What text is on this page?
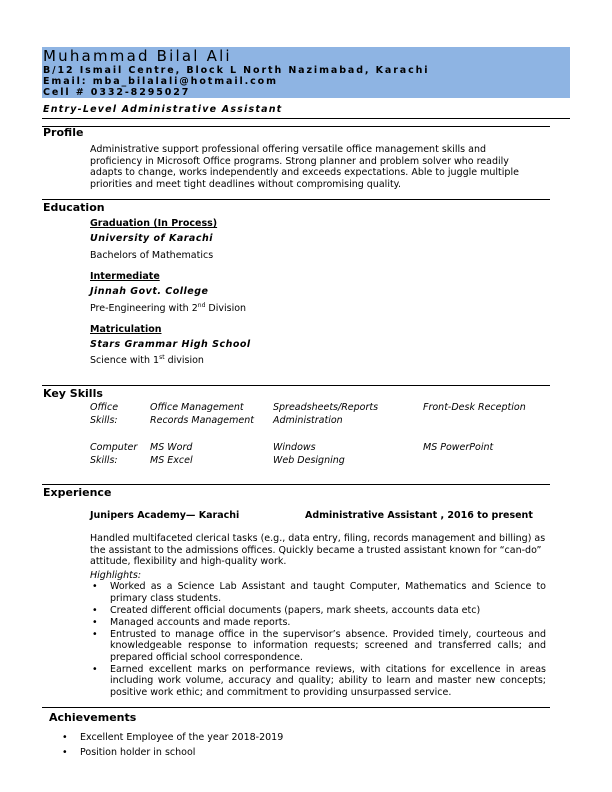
Muhammad Bilal Ali
B/12 Ismail Centre, Block L North Nazimabad, Karachi
Email: mba_bilalali@hotmail.com
Cell # 0332-8295027
Entry-Level Administrative Assistant
Profile
Administrative support professional offering versatile office management skills and proficiency in Microsoft Office programs. Strong planner and problem solver who readily adapts to change, works independently and exceeds expectations. Able to juggle multiple priorities and meet tight deadlines without compromising quality.
Education
Graduation (In Process)
University of Karachi
Bachelors of Mathematics
Intermediate
Jinnah Govt. College
Pre-Engineering with 2nd Division
Matriculation
Stars Grammar High School
Science with 1st division
Key Skills
Office
Skills:
Office Management
Records Management
Spreadsheets/Reports
Administration
Front-Desk Reception
Computer
Skills:
MS Word
MS Excel
Windows
Web Designing
MS PowerPoint
Experience
Junipers Academy— Karachi	Administrative Assistant , 2016 to present
Handled multifaceted clerical tasks (e.g., data entry, filing, records management and billing) as the assistant to the admissions offices. Quickly became a trusted assistant known for “can-do” attitude, flexibility and high-quality work.
Highlights:
• Worked as a Science Lab Assistant and taught Computer, Mathematics and Science to primary class students.
• Created different official documents (papers, mark sheets, accounts data etc)
• Managed accounts and made reports.
• Entrusted to manage office in the supervisor’s absence. Provided timely, courteous and knowledgeable response to information requests; screened and transferred calls; and prepared official school correspondence.
• Earned excellent marks on performance reviews, with citations for excellence in areas including work volume, accuracy and quality; ability to learn and master new concepts; positive work ethic; and commitment to providing unsurpassed service.
Achievements
• Excellent Employee of the year 2018-2019
• Position holder in school
